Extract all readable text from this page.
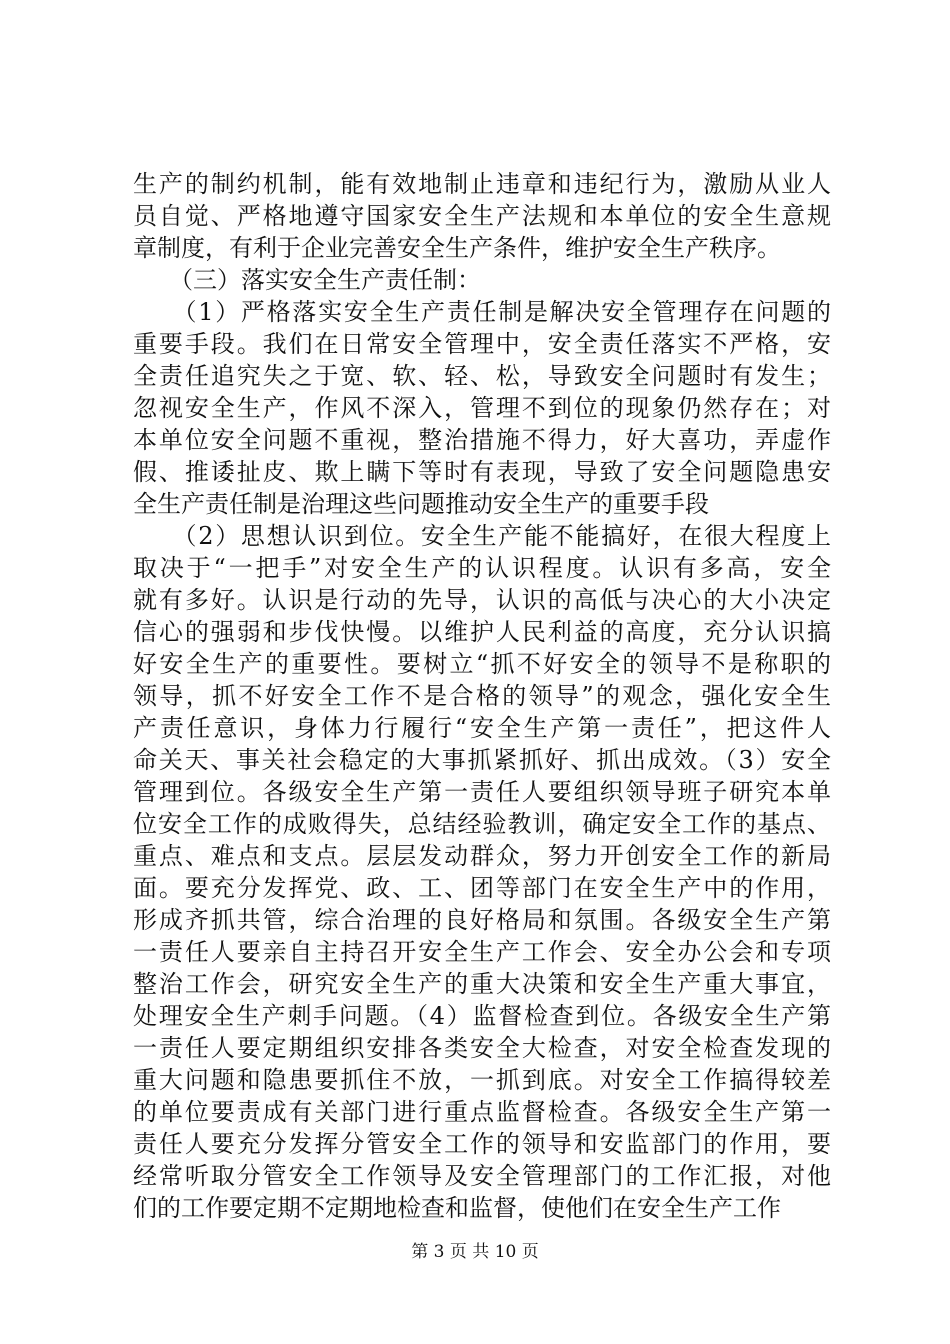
生产的制约机制，能有效地制止违章和违纪行为，激励从业人
员自觉、严格地遵守国家安全生产法规和本单位的安全生意规
章制度，有利于企业完善安全生产条件，维护安全生产秩序。
　　（三）落实安全生产责任制：
　　（1）严格落实安全生产责任制是解决安全管理存在问题的
重要手段。我们在日常安全管理中，安全责任落实不严格，安
全责任追究失之于宽、软、轻、松，导致安全问题时有发生；
忽视安全生产，作风不深入，管理不到位的现象仍然存在；对
本单位安全问题不重视，整治措施不得力，好大喜功，弄虚作
假、推诿扯皮、欺上瞒下等时有表现，导致了安全问题隐患安
全生产责任制是治理这些问题推动安全生产的重要手段
　　（2）思想认识到位。安全生产能不能搞好，在很大程度上
取决于“一把手”对安全生产的认识程度。认识有多高，安全
就有多好。认识是行动的先导，认识的高低与决心的大小决定
信心的强弱和步伐快慢。以维护人民利益的高度，充分认识搞
好安全生产的重要性。要树立“抓不好安全的领导不是称职的
领导，抓不好安全工作不是合格的领导”的观念，强化安全生
产责任意识，身体力行履行“安全生产第一责任”，把这件人
命关天、事关社会稳定的大事抓紧抓好、抓出成效。（3）安全
管理到位。各级安全生产第一责任人要组织领导班子研究本单
位安全工作的成败得失，总结经验教训，确定安全工作的基点、
重点、难点和支点。层层发动群众，努力开创安全工作的新局
面。要充分发挥党、政、工、团等部门在安全生产中的作用，
形成齐抓共管，综合治理的良好格局和氛围。各级安全生产第
一责任人要亲自主持召开安全生产工作会、安全办公会和专项
整治工作会，研究安全生产的重大决策和安全生产重大事宜，
处理安全生产刺手问题。（4）监督检查到位。各级安全生产第
一责任人要定期组织安排各类安全大检查，对安全检查发现的
重大问题和隐患要抓住不放，一抓到底。对安全工作搞得较差
的单位要责成有关部门进行重点监督检查。各级安全生产第一
责任人要充分发挥分管安全工作的领导和安监部门的作用，要
经常听取分管安全工作领导及安全管理部门的工作汇报，对他
们的工作要定期不定期地检查和监督，使他们在安全生产工作
第 3 页 共 10 页
